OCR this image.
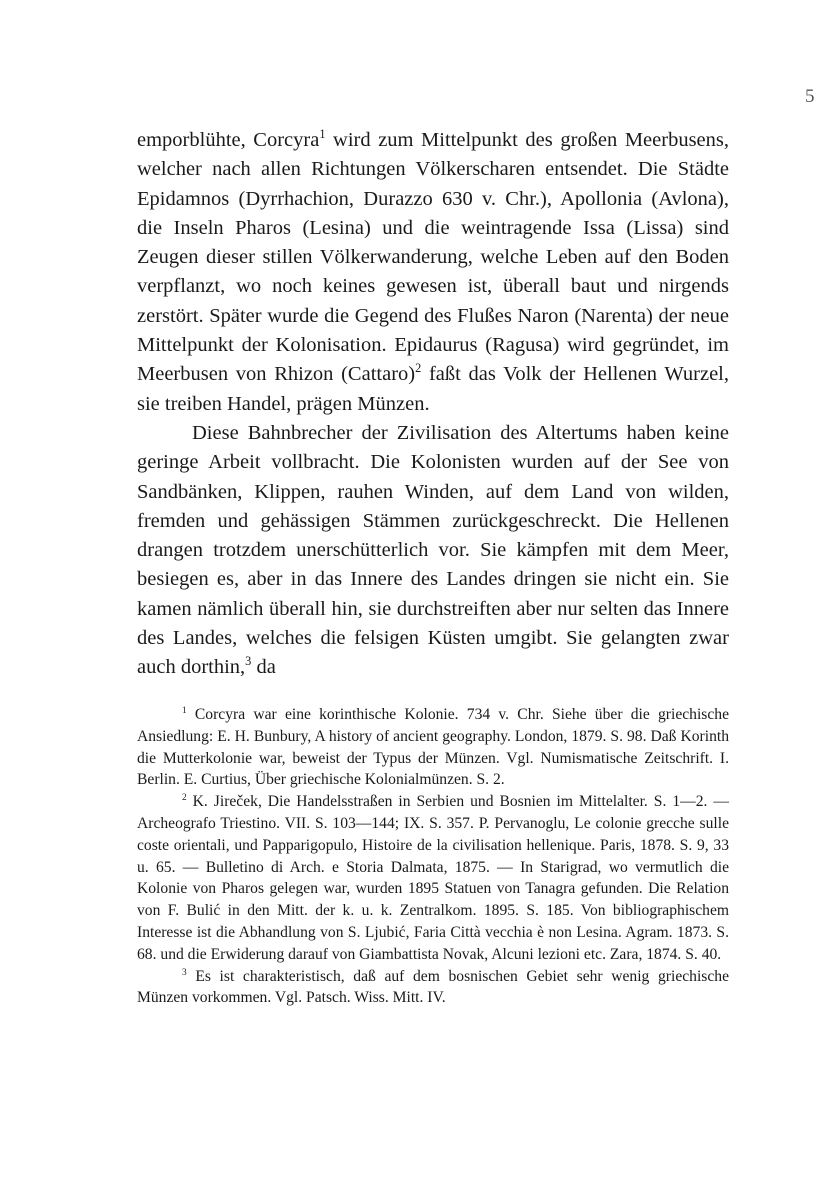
5

emporblühte, Corcyra$^1$ wird zum Mittelpunkt des großen Meerbusens, welcher nach allen Richtungen Völkerscharen entsendet. Die Städte Epidamnos (Dyrrhachion, Durazzo 630 v. Chr.), Apollonia (Avlona), die Inseln Pharos (Lesina) und die weintragende Issa (Lissa) sind Zeugen dieser stillen Völkerwanderung, welche Leben auf den Boden verpflanzt, wo noch keines gewesen ist, überall baut und nirgends zerstört. Später wurde die Gegend des Flußes Naron (Narenta) der neue Mittelpunkt der Kolonisation. Epidaurus (Ragusa) wird gegründet, im Meerbusen von Rhizon (Cattaro)$^2$ faßt das Volk der Hellenen Wurzel, sie treiben Handel, prägen Münzen.

Diese Bahnbrecher der Zivilisation des Altertums haben keine geringe Arbeit vollbracht. Die Kolonisten wurden auf der See von Sandbänken, Klippen, rauhen Winden, auf dem Land von wilden, fremden und gehässigen Stämmen zurückgeschreckt. Die Hellenen drangen trotzdem unerschütterlich vor. Sie kämpfen mit dem Meer, besiegen es, aber in das Innere des Landes dringen sie nicht ein. Sie kamen nämlich überall hin, sie durchstreiften aber nur selten das Innere des Landes, welches die felsigen Küsten umgibt. Sie gelangten zwar auch dorthin,$^3$ da

$^1$ Corcyra war eine korinthische Kolonie. 734 v. Chr. Siehe über die griechische Ansiedlung: E. H. Bunbury, A history of ancient geography. London, 1879. S. 98. Daß Korinth die Mutterkolonie war, beweist der Typus der Münzen. Vgl. Numismatische Zeitschrift. I. Berlin. E. Curtius, Über griechische Kolonialmünzen. S. 2.

$^2$ K. Jireček, Die Handelsstraßen in Serbien und Bosnien im Mittelalter. S. 1—2. — Archeografo Triestino. VII. S. 103—144; IX. S. 357. P. Pervanoglu, Le colonie grecche sulle coste orientali, und Papparigopulo, Histoire de la civilisation hellenique. Paris, 1878. S. 9, 33 u. 65. — Bulletino di Arch. e Storia Dalmata, 1875. — In Starigrad, wo vermutlich die Kolonie von Pharos gelegen war, wurden 1895 Statuen von Tanagra gefunden. Die Relation von F. Bulić in den Mitt. der k. u. k. Zentralkom. 1895. S. 185. Von bibliographischem Interesse ist die Abhandlung von S. Ljubić, Faria Città vecchia è non Lesina. Agram. 1873. S. 68. und die Erwiderung darauf von Giambattista Novak, Alcuni lezioni etc. Zara, 1874. S. 40.

$^3$ Es ist charakteristisch, daß auf dem bosnischen Gebiet sehr wenig griechische Münzen vorkommen. Vgl. Patsch. Wiss. Mitt. IV.
